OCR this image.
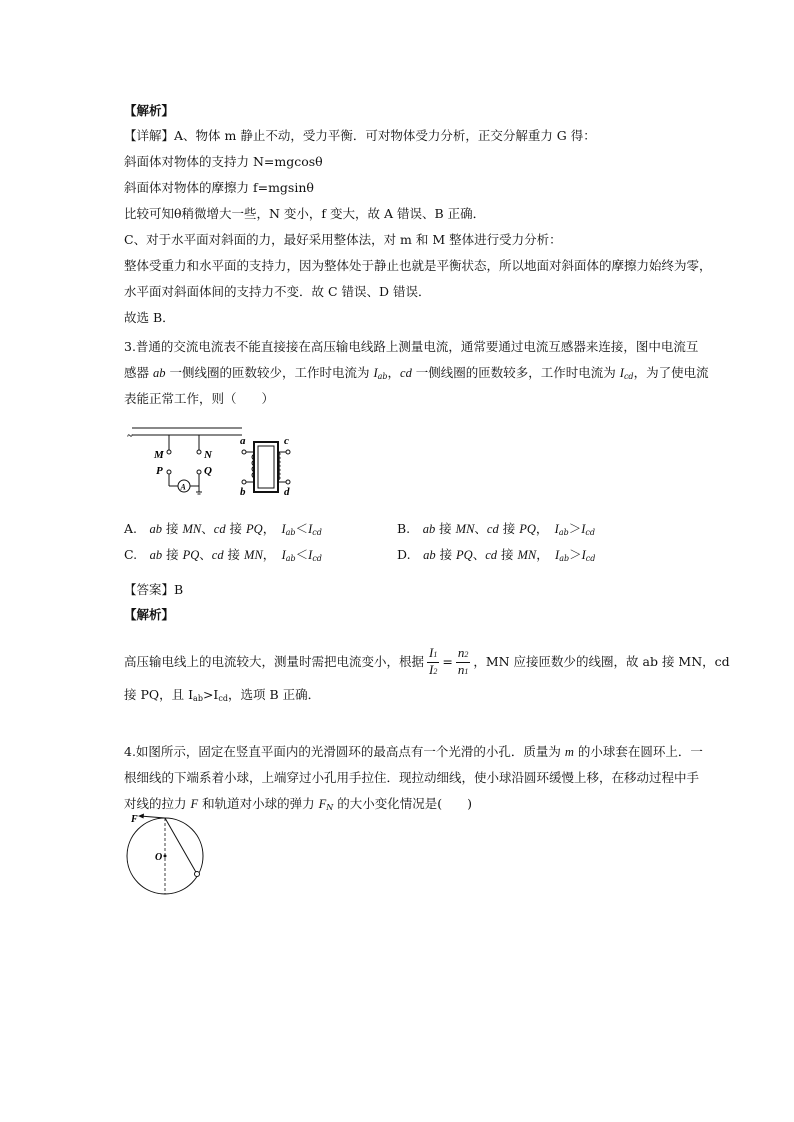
【解析】
【详解】A、物体 m 静止不动，受力平衡．可对物体受力分析，正交分解重力 G 得：
斜面体对物体的支持力 N=mgcosθ
斜面体对物体的摩擦力 f=mgsinθ
比较可知θ稍微增大一些，N 变小，f 变大，故 A 错误、B 正确．
C、对于水平面对斜面的力，最好采用整体法，对 m 和 M 整体进行受力分析：
整体受重力和水平面的支持力，因为整体处于静止也就是平衡状态，所以地面对斜面体的摩擦力始终为零，
水平面对斜面体间的支持力不变．故 C 错误、D 错误．
故选 B．
3.普通的交流电流表不能直接接在高压输电线路上测量电流，通常要通过电流互感器来连接，图中电流互
感器 ab 一侧线圈的匝数较少，工作时电流为 $I_{ab}$，cd 一侧线圈的匝数较多，工作时电流为 $I_{cd}$，为了使电流
表能正常工作，则（　　）
~
M	N
P	Q
A
a
b
c
d
A.　 ab 接 MN、cd 接 PQ，　 $I_{ab}<I_{cd}$	B.　 ab 接 MN、cd 接 PQ，　 $I_{ab}>I_{cd}$
C.　 ab 接 PQ、cd 接 MN，　 $I_{ab}<I_{cd}$	D.　 ab 接 PQ、cd 接 MN，　 $I_{ab}>I_{cd}$
【答案】B
【解析】
高压输电线上的电流较大，测量时需把电流变小，根据 $\frac{I1}{I2} = \frac{n2}{n1}$ ，MN 应接匝数少的线圈，故 ab 接 MN，cd
接 PQ，且 $I_{ab}>I_{cd}$，选项 B 正确．
4.如图所示，固定在竖直平面内的光滑圆环的最高点有一个光滑的小孔．质量为 m 的小球套在圆环上．一
根细线的下端系着小球，上端穿过小孔用手拉住．现拉动细线，使小球沿圆环缓慢上移，在移动过程中手
对线的拉力 F 和轨道对小球的弹力 $F_N$ 的大小变化情况是(　　)
F
O
